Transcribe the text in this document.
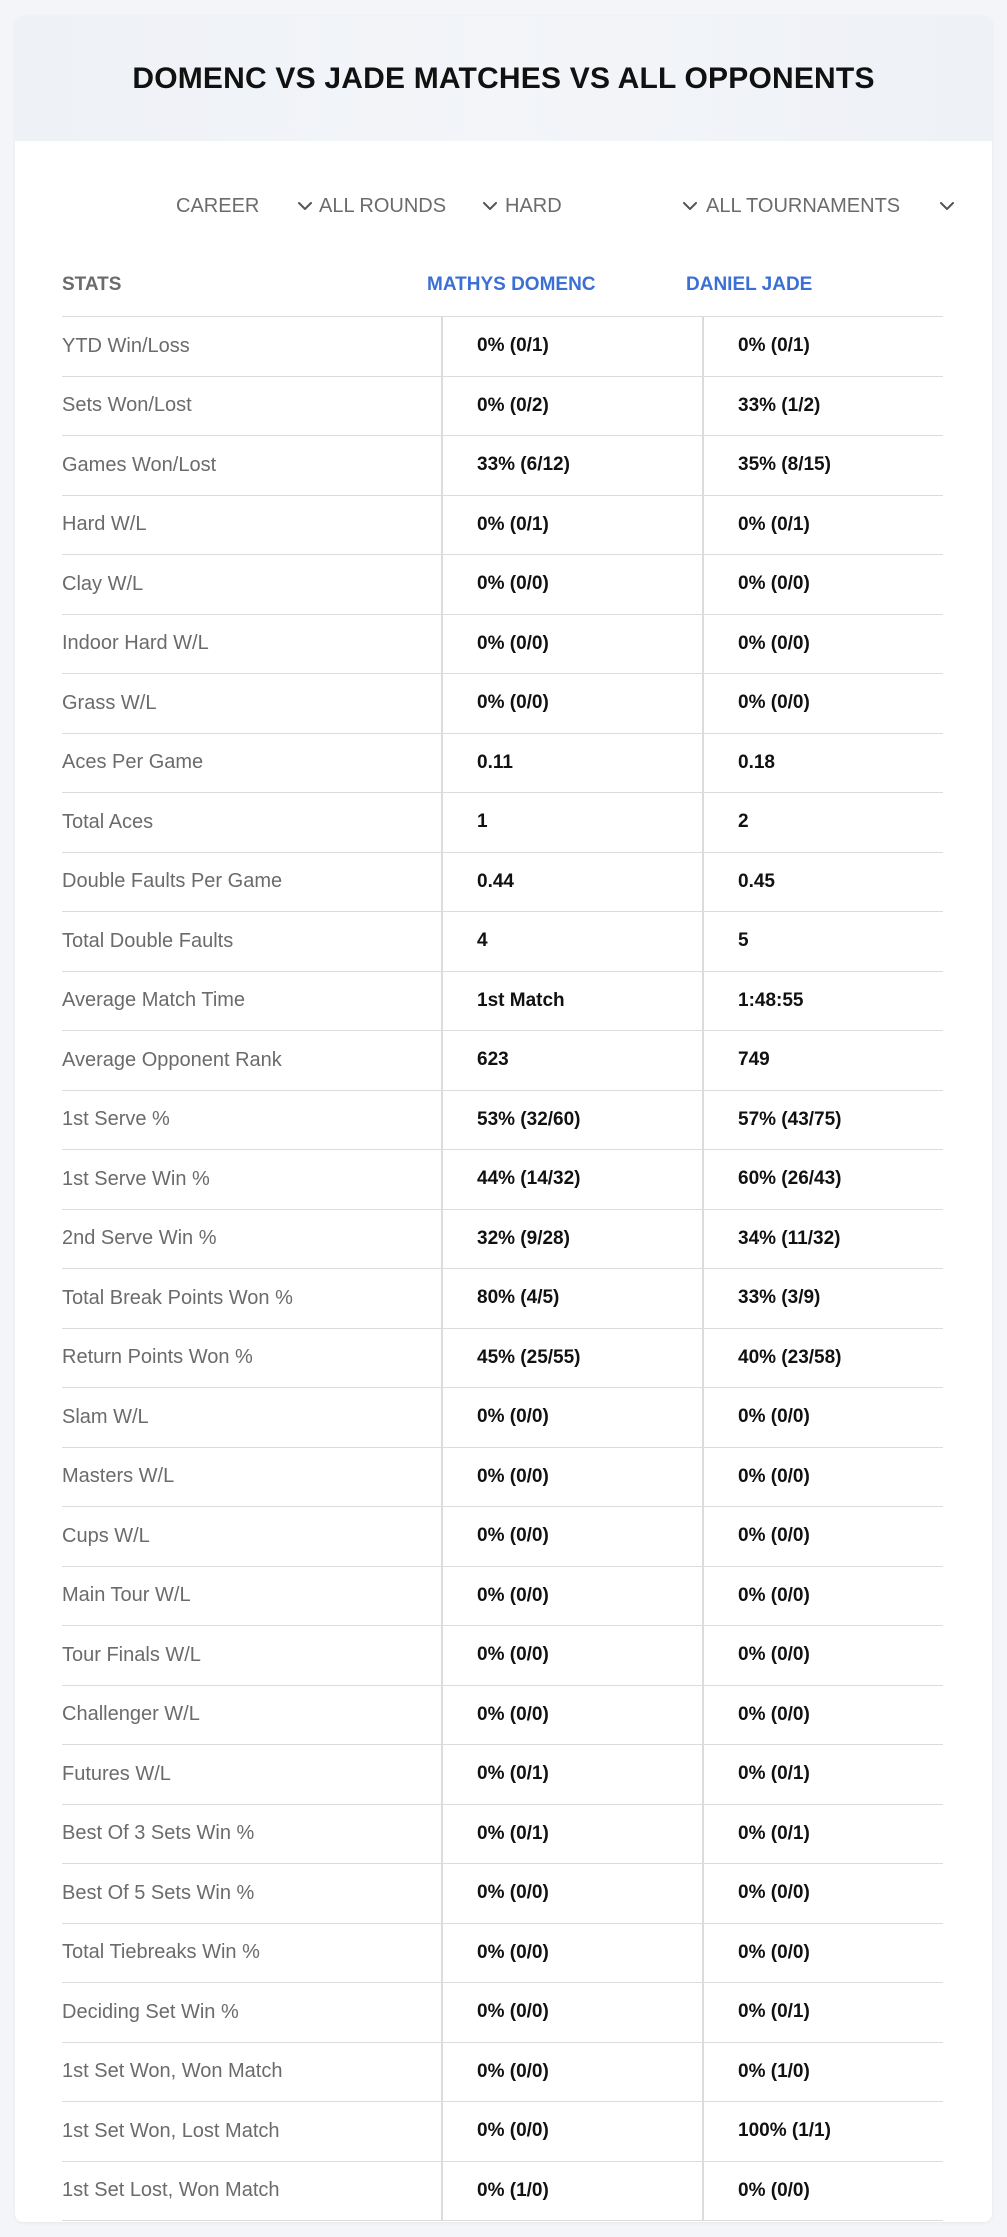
DOMENC VS JADE MATCHES VS ALL OPPONENTS
CAREER	ALL ROUNDS	HARD	ALL TOURNAMENTS
STATS	MATHYS DOMENC	DANIEL JADE
YTD Win/Loss	0% (0/1)	0% (0/1)
Sets Won/Lost	0% (0/2)	33% (1/2)
Games Won/Lost	33% (6/12)	35% (8/15)
Hard W/L	0% (0/1)	0% (0/1)
Clay W/L	0% (0/0)	0% (0/0)
Indoor Hard W/L	0% (0/0)	0% (0/0)
Grass W/L	0% (0/0)	0% (0/0)
Aces Per Game	0.11	0.18
Total Aces	1	2
Double Faults Per Game	0.44	0.45
Total Double Faults	4	5
Average Match Time	1st Match	1:48:55
Average Opponent Rank	623	749
1st Serve %	53% (32/60)	57% (43/75)
1st Serve Win %	44% (14/32)	60% (26/43)
2nd Serve Win %	32% (9/28)	34% (11/32)
Total Break Points Won %	80% (4/5)	33% (3/9)
Return Points Won %	45% (25/55)	40% (23/58)
Slam W/L	0% (0/0)	0% (0/0)
Masters W/L	0% (0/0)	0% (0/0)
Cups W/L	0% (0/0)	0% (0/0)
Main Tour W/L	0% (0/0)	0% (0/0)
Tour Finals W/L	0% (0/0)	0% (0/0)
Challenger W/L	0% (0/0)	0% (0/0)
Futures W/L	0% (0/1)	0% (0/1)
Best Of 3 Sets Win %	0% (0/1)	0% (0/1)
Best Of 5 Sets Win %	0% (0/0)	0% (0/0)
Total Tiebreaks Win %	0% (0/0)	0% (0/0)
Deciding Set Win %	0% (0/0)	0% (0/1)
1st Set Won, Won Match	0% (0/0)	0% (1/0)
1st Set Won, Lost Match	0% (0/0)	100% (1/1)
1st Set Lost, Won Match	0% (1/0)	0% (0/0)
